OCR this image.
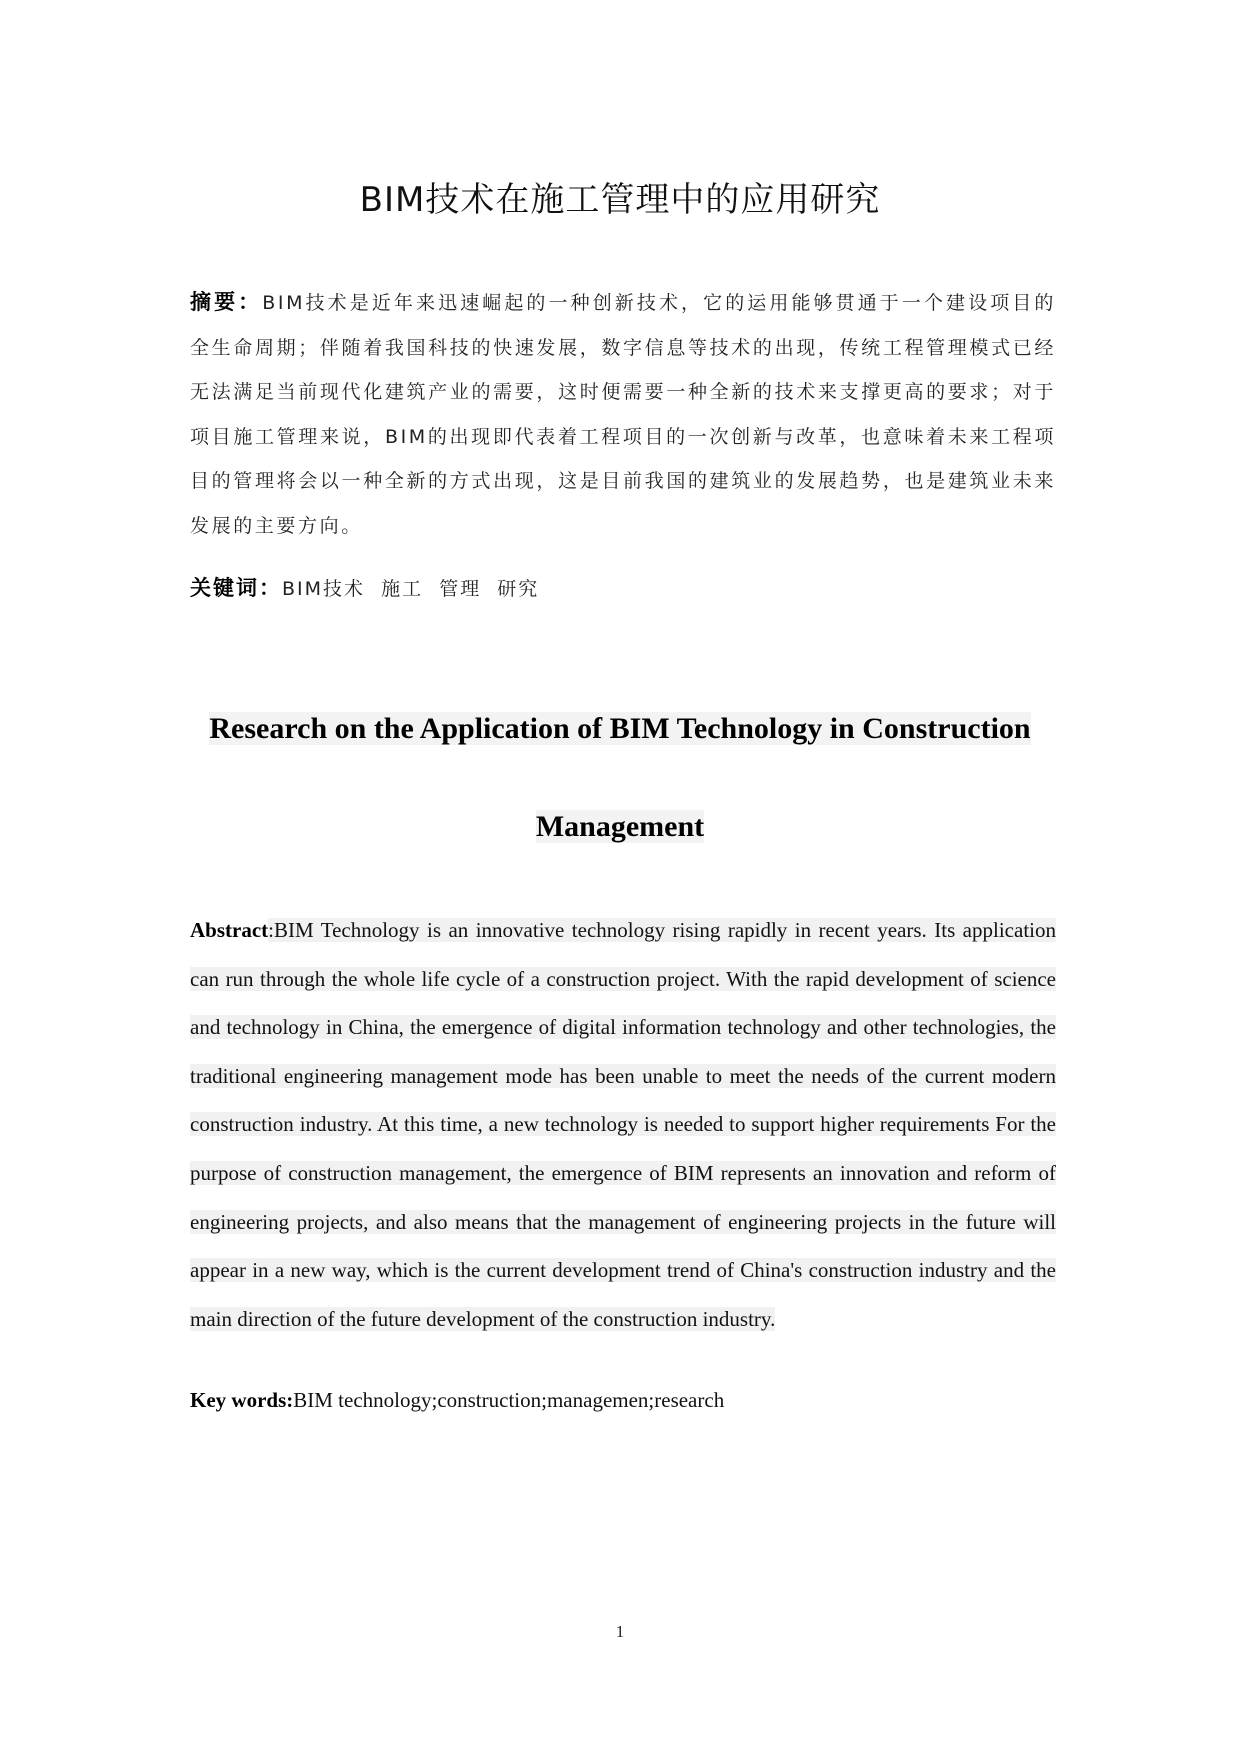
BIM技术在施工管理中的应用研究

摘要：BIM技术是近年来迅速崛起的一种创新技术，它的运用能够贯通于一个建设项目的全生命周期；伴随着我国科技的快速发展，数字信息等技术的出现，传统工程管理模式已经无法满足当前现代化建筑产业的需要，这时便需要一种全新的技术来支撑更高的要求；对于项目施工管理来说，BIM的出现即代表着工程项目的一次创新与改革，也意味着未来工程项目的管理将会以一种全新的方式出现，这是目前我国的建筑业的发展趋势，也是建筑业未来发展的主要方向。

关键词：BIM技术  施工  管理  研究
Research on the Application of BIM Technology in Construction Management

Abstract:BIM Technology is an innovative technology rising rapidly in recent years. Its application can run through the whole life cycle of a construction project. With the rapid development of science and technology in China, the emergence of digital information technology and other technologies, the traditional engineering management mode has been unable to meet the needs of the current modern construction industry. At this time, a new technology is needed to support higher requirements For the purpose of construction management, the emergence of BIM represents an innovation and reform of engineering projects, and also means that the management of engineering projects in the future will appear in a new way, which is the current development trend of China's construction industry and the main direction of the future development of the construction industry.

Key words:BIM technology;construction;managemen;research
1
